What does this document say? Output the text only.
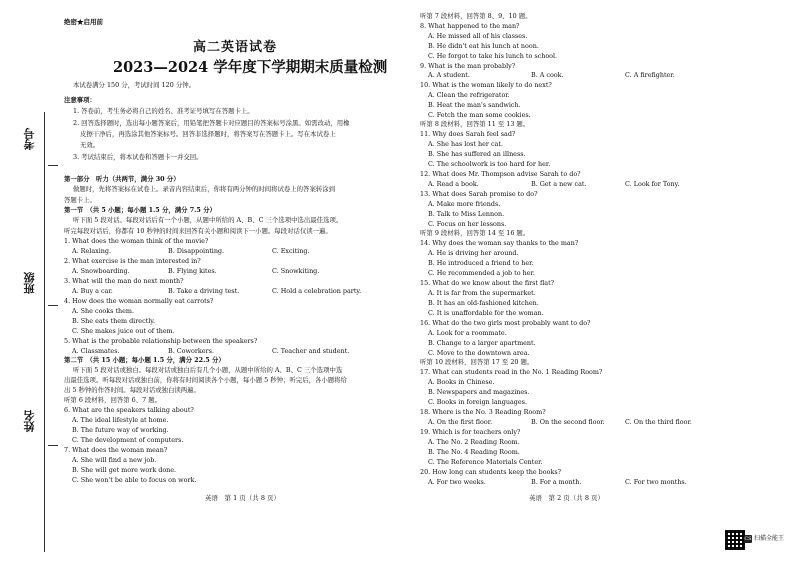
绝密★启用前
高二英语试卷
2023—2024 学年度下学期期末质量检测
考号
班级
姓名
本试卷满分 150 分，考试时间 120 分钟。
注意事项：
1. 答卷前，考生务必将自己的姓名、准考证号填写在答题卡上。
2. 回答选择题时，选出每小题答案后，用铅笔把答题卡对应题目的答案标号涂黑。如需改动，用橡
皮擦干净后，再选涂其他答案标号。回答非选择题时，将答案写在答题卡上。写在本试卷上
无效。
3. 考试结束后，将本试卷和答题卡一并交回。
第一部分　听力（共两节，满分 30 分）
做题时，先将答案标在试卷上。录音内容结束后，你将有两分钟的时间将试卷上的答案转涂到
答题卡上。
第一节　（共 5 小题；每小题 1.5 分，满分 7.5 分）
听下面 5 段对话。每段对话后有一个小题，从题中所给的 A、B、C 三个选项中选出最佳选项。
听完每段对话后，你都有 10 秒钟的时间来回答有关小题和阅读下一小题。每段对话仅读一遍。
1. What does the woman think of the movie?
A. Relaxing.	B. Disappointing.	C. Exciting.
2. What exercise is the man interested in?
A. Snowboarding.	B. Flying kites.	C. Snowkiting.
3. What will the man do next month?
A. Buy a car.	B. Take a driving test.	C. Hold a celebration party.
4. How does the woman normally eat carrots?
A. She cooks them.
B. She eats them directly.
C. She makes juice out of them.
5. What is the probable relationship between the speakers?
A. Classmates.	B. Coworkers.	C. Teacher and student.
第二节　（共 15 小题；每小题 1.5 分，满分 22.5 分）
听下面 5 段对话或独白。每段对话或独白后有几个小题，从题中所给的 A、B、C 三个选项中选
出最佳选项。听每段对话或独白前，你将有时间阅读各个小题，每小题 5 秒钟；听完后，各小题将给
出 5 秒钟的作答时间。每段对话或独白读两遍。
听第 6 段材料，回答第 6、7 题。
6. What are the speakers talking about?
A. The ideal lifestyle at home.
B. The future way of working.
C. The development of computers.
7. What does the woman mean?
A. She will find a new job.
B. She will get more work done.
C. She won't be able to focus on work.
听第 7 段材料，回答第 8、9、10 题。
8. What happened to the man?
A. He missed all of his classes.
B. He didn't eat his lunch at noon.
C. He forgot to take his lunch to school.
9. What is the man probably?
A. A student.	B. A cook.	C. A firefighter.
10. What is the woman likely to do next?
A. Clean the refrigerator.
B. Heat the man's sandwich.
C. Fetch the man some cookies.
听第 8 段材料，回答第 11 至 13 题。
11. Why does Sarah feel sad?
A. She has lost her cat.
B. She has suffered an illness.
C. The schoolwork is too hard for her.
12. What does Mr. Thompson advise Sarah to do?
A. Read a book.	B. Get a new cat.	C. Look for Tony.
13. What does Sarah promise to do?
A. Make more friends.
B. Talk to Miss Lennon.
C. Focus on her lessons.
听第 9 段材料，回答第 14 至 16 题。
14. Why does the woman say thanks to the man?
A. He is driving her around.
B. He introduced a friend to her.
C. He recommended a job to her.
15. What do we know about the first flat?
A. It is far from the supermarket.
B. It has an old-fashioned kitchen.
C. It is unaffordable for the woman.
16. What do the two girls most probably want to do?
A. Look for a roommate.
B. Change to a larger apartment.
C. Move to the downtown area.
听第 10 段材料，回答第 17 至 20 题。
17. What can students read in the No. 1 Reading Room?
A. Books in Chinese.
B. Newspapers and magazines.
C. Books in foreign languages.
18. Where is the No. 3 Reading Room?
A. On the first floor.	B. On the second floor.	C. On the third floor.
19. Which is for teachers only?
A. The No. 2 Reading Room.
B. The No. 4 Reading Room.
C. The Reference Materials Center.
20. How long can students keep the books?
A. For two weeks.	B. For a month.	C. For two months.
英语　第 1 页（共 8 页）	英语　第 2 页（共 8 页）
CS 扫描全能王
